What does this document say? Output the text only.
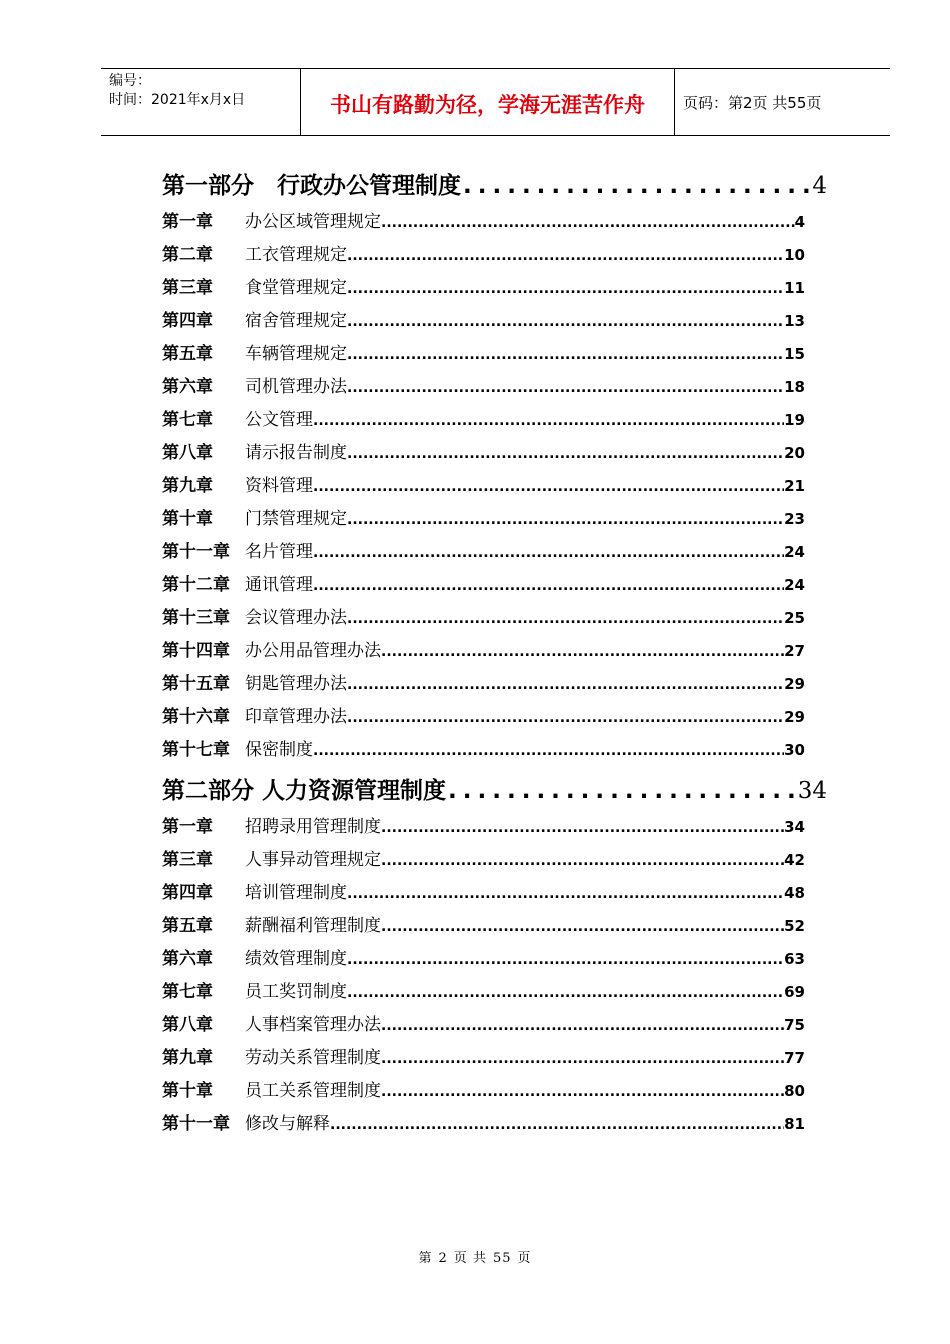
编号：
时间：2021年x月x日	书山有路勤为径，学海无涯苦作舟	页码：第2页 共55页
第一部分　行政办公管理制度 .....	4
第一章	办公区域管理规定 .....	4
第二章	工衣管理规定 .....	10
第三章	食堂管理规定 .....	11
第四章	宿舍管理规定 .....	13
第五章	车辆管理规定 .....	15
第六章	司机管理办法 .....	18
第七章	公文管理 .....	19
第八章	请示报告制度 .....	20
第九章	资料管理 .....	21
第十章	门禁管理规定 .....	23
第十一章 名片管理 .....	24
第十二章 通讯管理 .....	24
第十三章 会议管理办法 .....	25
第十四章 办公用品管理办法 .....	27
第十五章 钥匙管理办法 .....	29
第十六章 印章管理办法 .....	29
第十七章 保密制度 .....	30
第二部分 人力资源管理制度 .....	34
第一章	招聘录用管理制度 .....	34
第三章	人事异动管理规定 .....	42
第四章	培训管理制度 .....	48
第五章	薪酬福利管理制度 .....	52
第六章	绩效管理制度 .....	63
第七章	员工奖罚制度 .....	69
第八章	人事档案管理办法 .....	75
第九章	劳动关系管理制度 .....	77
第十章	员工关系管理制度 .....	80
第十一章 修改与解释 .....	81
第 2 页 共 55 页
